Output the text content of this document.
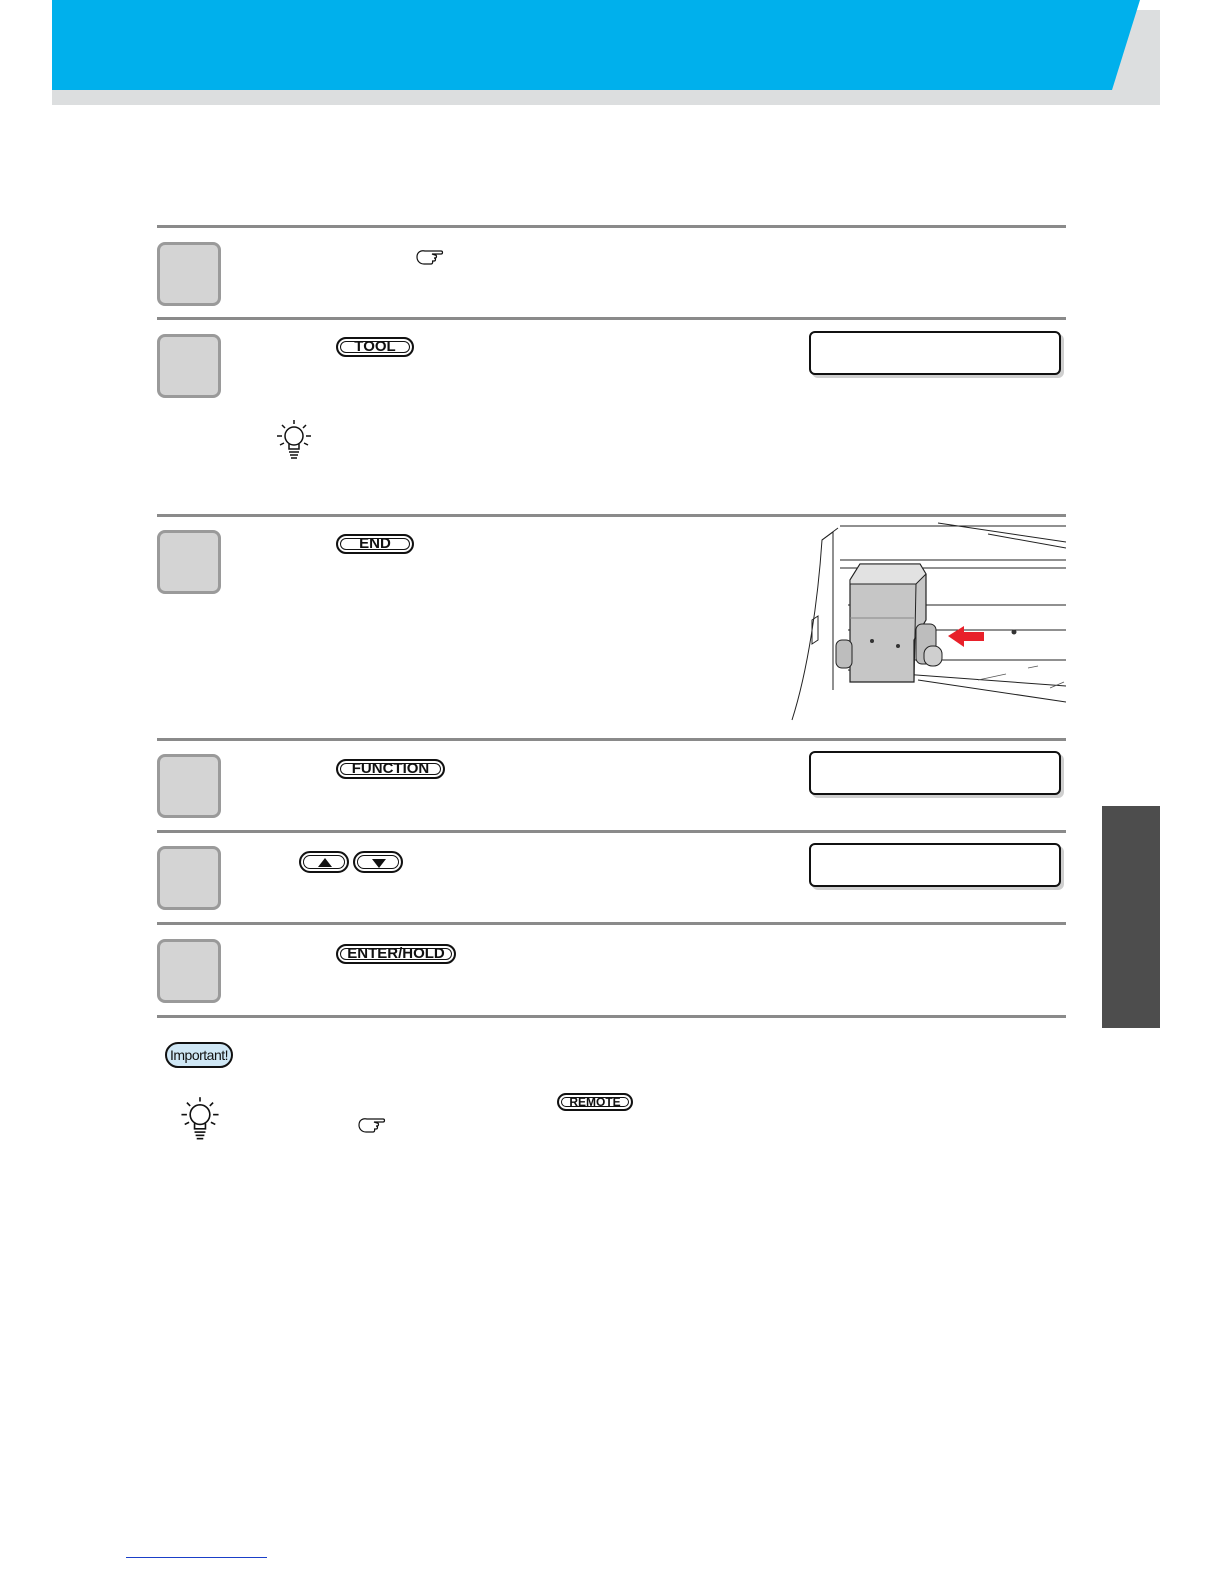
TOOL
END
FUNCTION
ENTER/HOLD
Important!
REMOTE
